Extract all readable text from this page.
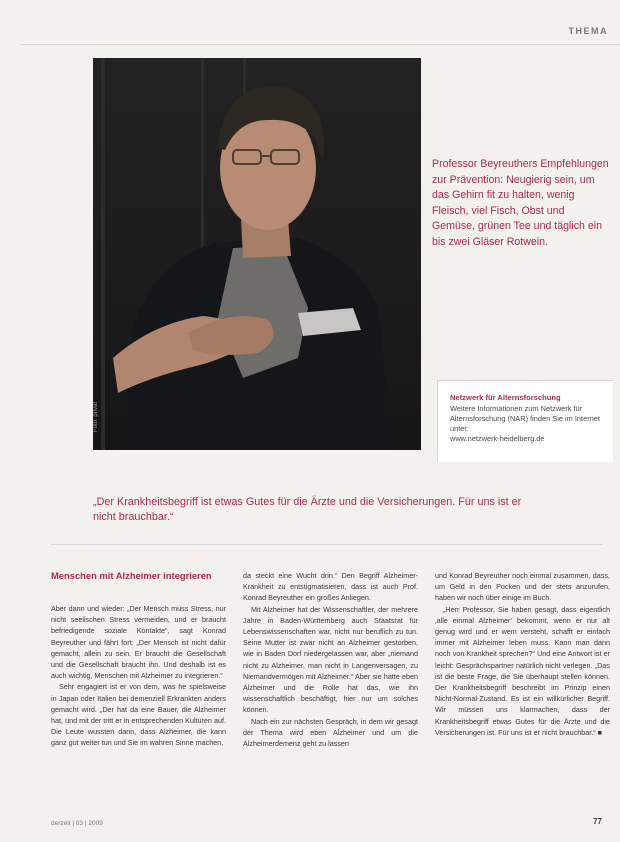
THEMA
Foto: privat
Professor Beyreuthers Empfehlungen zur Prävention: Neugierig sein, um das Gehirn fit zu halten, wenig Fleisch, viel Fisch, Obst und Gemüse, grünen Tee und täglich ein bis zwei Gläser Rotwein.
Netzwerk für Alternsforschung
Weitere Informationen zum Netzwerk für Alternsforschung (NAR) finden Sie im Internet unter:
www.netzwerk-heidelberg.de
„Der Krankheitsbegriff ist etwas Gutes für die Ärzte und die Versicherungen. Für uns ist er nicht brauchbar.“
Menschen mit Alzheimer integrieren

Aber dann und wieder: „Der Mensch muss Stress, nur nicht seelischen Stress vermeiden, und er braucht befriedigende soziale Kontakte“, sagt Konrad Beyreuther und fährt fort: „Der Mensch ist nicht dafür gemacht, allein zu sein. Er braucht die Gesellschaft und die Gesellschaft braucht ihn. Und deshalb ist es auch wichtig, Menschen mit Alzheimer zu integrieren.“

Sehr engagiert ist er von dem, was he spielsweise in Japan oder Italien bei demenziell Erkrankten anders gemacht wird. „Der hat da eine Bauer, die Alzheimer hat, und mit der tritt er in entsprechenden Kulturen auf. Die Leute wussten dann, dass Alzheimer, die kann ganz gut weiter tun und Sie im wahren Sinne machen,

da steckt eine Wucht drin.“ Den Begriff Alzheimer-Krankheit zu entstigmatisieren, dass ist auch Prof. Konrad Beyreuther ein großes Anliegen.

Mit Alzheimer hat der Wissenschaftler, der mehrere Jahre in Baden-Württemberg auch Staatsrat für Lebenswissenschaften war, nicht nur beruflich zu tun. Seine Mutter ist zwar nicht an Alzheimer gestorben, wie in Baden Dorf niedergelassen war, aber „niemand nicht zu Alzheimer, man nicht in Langenversagen, zu Niemandvermögen mit Alzheimer.“ Aber sie hatte eben Alzheimer und die Rolle hat das, wie ihn wissenschaftlich beschäftigt, hier nur um solches können.

Nach ein zur nächsten Gespräch, in dem wir gesagt der Thema wird eben Alzheimer und um die Alzheimerdemenz geht zu lassen

und Konrad Beyreuther noch einmal zusammen, dass, um Geld in den Pocken und der stets anzurufen, haben wir noch über einige im Buch.

„Herr Professor, Sie haben gesagt, dass eigentlich ‚alle einmal Alzheimer‘ bekommt, wenn er nur alt genug wird und er wem versteht, schafft er einfach immer mit Alzheimer leben muss. Kann man dann noch von Krankheit sprechen?“ Und eine Antwort ist er leicht: Gesprächspartner natürlich nicht verlegen. „Das ist die beste Frage, die Sie überhaupt stellen können. Der Krankheitsbegriff beschreibt im Prinzip einen Nicht-Normal-Zustand. Es ist ein willkürlicher Begriff. Wir müssen uns klarmachen, dass der Krankheitsbegriff etwas Gutes für die Ärzte und die Versicherungen ist. Für uns ist er nicht brauchbar.“ ■

derzeit | 03 | 2009	77
